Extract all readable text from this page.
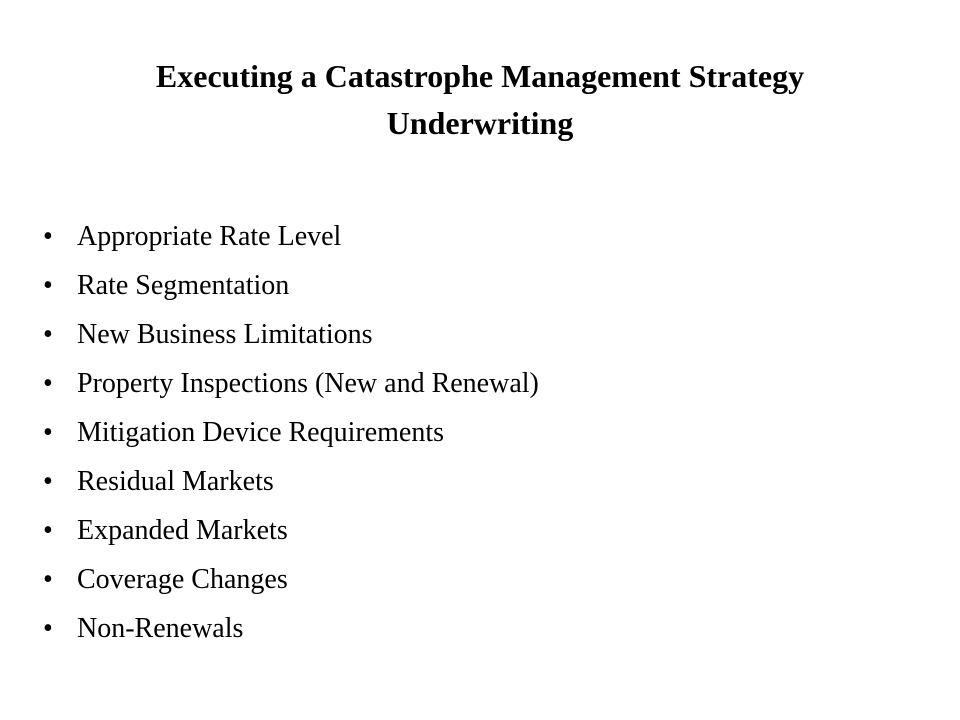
Executing a Catastrophe Management Strategy
Underwriting
• Appropriate Rate Level
• Rate Segmentation
• New Business Limitations
• Property Inspections (New and Renewal)
• Mitigation Device Requirements
• Residual Markets
• Expanded Markets
• Coverage Changes
• Non-Renewals
